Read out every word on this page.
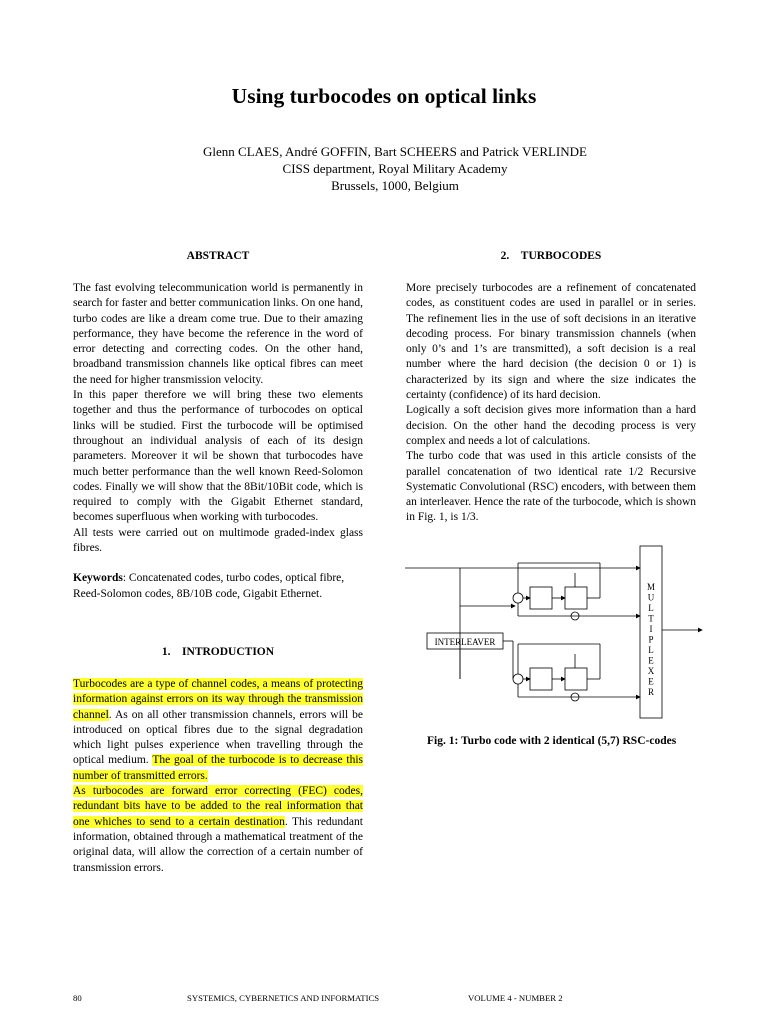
Using turbocodes on optical links
Glenn CLAES, André GOFFIN, Bart SCHEERS and Patrick VERLINDE
CISS department, Royal Military Academy
Brussels, 1000, Belgium
ABSTRACT

The fast evolving telecommunication world is permanently in search for faster and better communication links. On one hand, turbo codes are like a dream come true. Due to their amazing performance, they have become the reference in the word of error detecting and correcting codes. On the other hand, broadband transmission channels like optical fibres can meet the need for higher transmission velocity.

In this paper therefore we will bring these two elements together and thus the performance of turbocodes on optical links will be studied. First the turbocode will be optimised throughout an individual analysis of each of its design parameters. Moreover it wil be shown that turbocodes have much better performance than the well known Reed-Solomon codes. Finally we will show that the 8Bit/10Bit code, which is required to comply with the Gigabit Ethernet standard, becomes superfluous when working with turbocodes.

All tests were carried out on multimode graded-index glass fibres.

Keywords: Concatenated codes, turbo codes, optical fibre, Reed-Solomon codes, 8B/10B code, Gigabit Ethernet.

1.    INTRODUCTION

Turbocodes are a type of channel codes, a means of protecting information against errors on its way through the transmission channel. As on all other transmission channels, errors will be introduced on optical fibres due to the signal degradation which light pulses experience when travelling through the optical medium. The goal of the turbocode is to decrease this number of transmitted errors.

As turbocodes are forward error correcting (FEC) codes, redundant bits have to be added to the real information that one whiches to send to a certain destination. This redundant information, obtained through a mathematical treatment of the original data, will allow the correction of a certain number of transmission errors.

2.    TURBOCODES

More precisely turbocodes are a refinement of concatenated codes, as constituent codes are used in parallel or in series. The refinement lies in the use of soft decisions in an iterative decoding process. For binary transmission channels (when only 0’s and 1’s are transmitted), a soft decision is a real number where the hard decision (the decision 0 or 1) is characterized by its sign and where the size indicates the certainty (confidence) of its hard decision.

Logically a soft decision gives more information than a hard decision. On the other hand the decoding process is very complex and needs a lot of calculations.

The turbo code that was used in this article consists of the parallel concatenation of two identical rate 1/2 Recursive Systematic Convolutional (RSC) encoders, with between them an interleaver. Hence the rate of the turbocode, which is shown in Fig. 1, is 1/3.

INTERLEAVER
M U L T I P L E X E R
Fig. 1: Turbo code with 2 identical (5,7) RSC-codes
80	SYSTEMICS, CYBERNETICS AND INFORMATICS	VOLUME 4 - NUMBER 2
